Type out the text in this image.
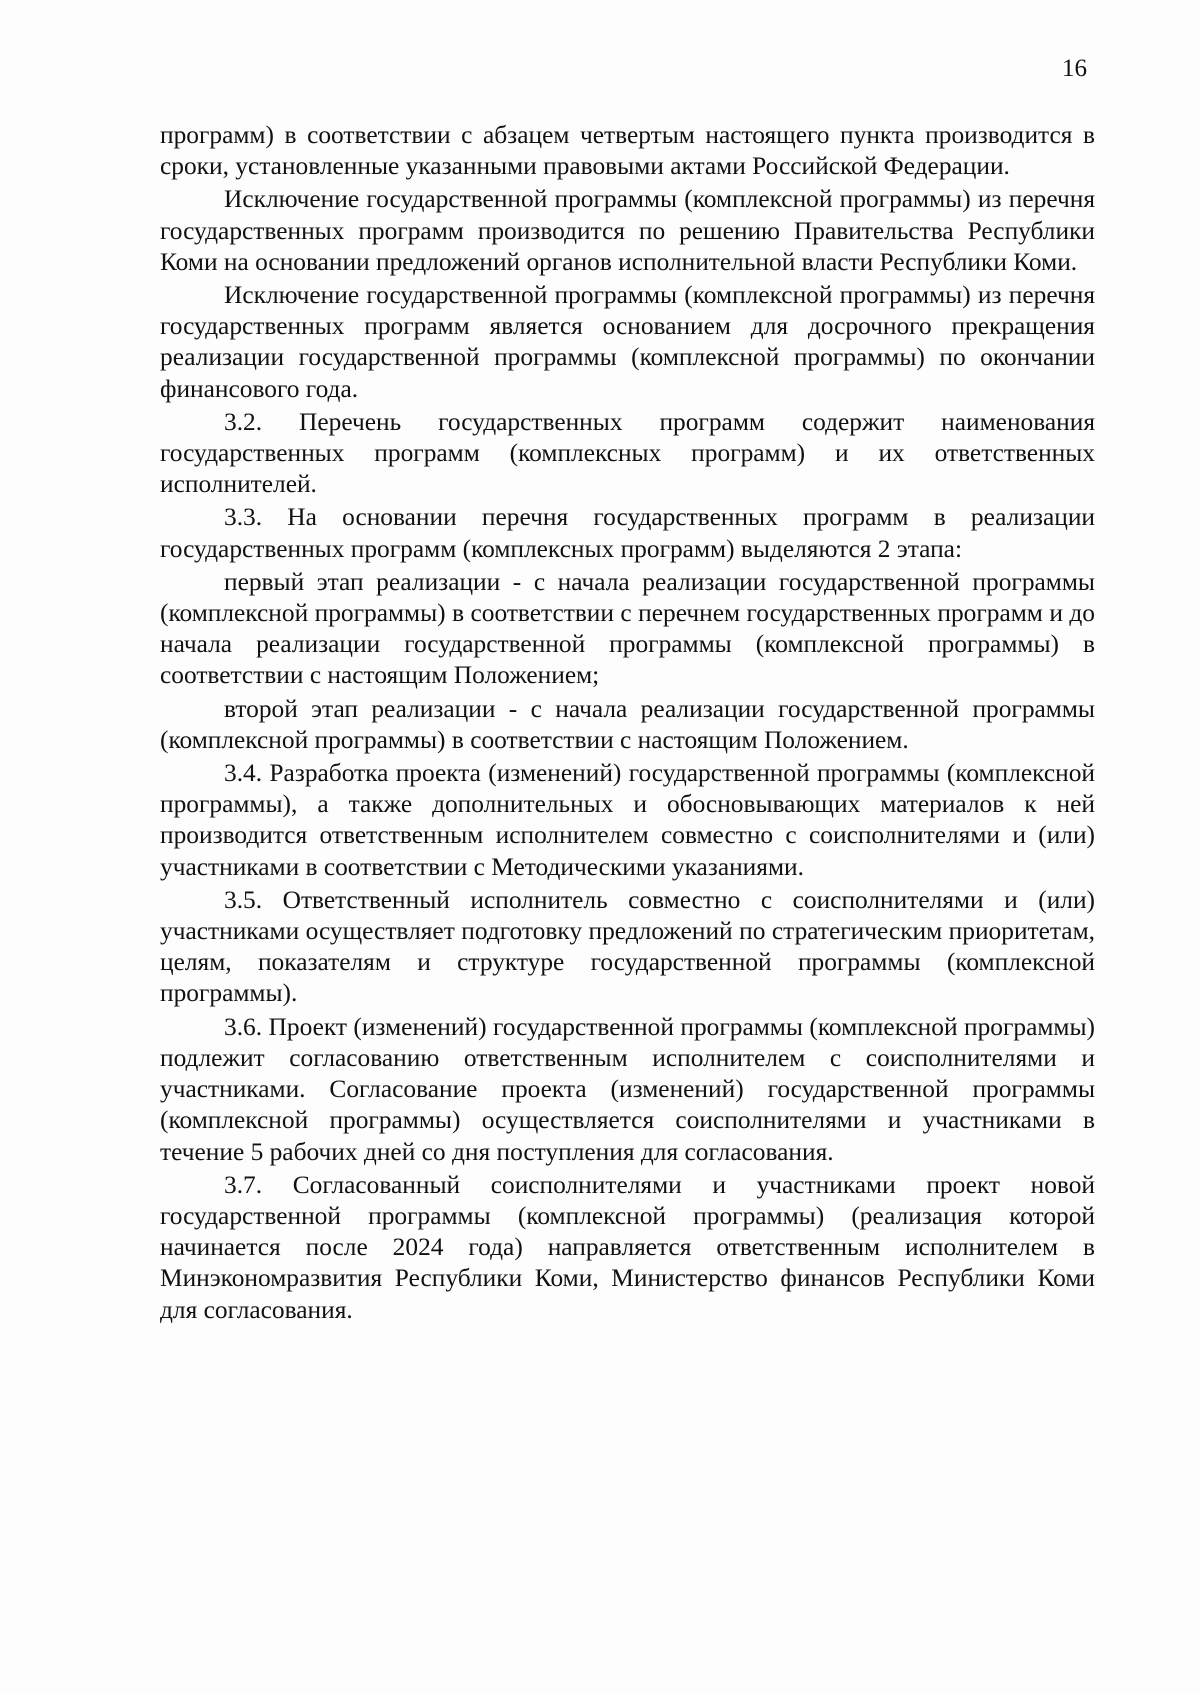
16

программ) в соответствии с абзацем четвертым настоящего пункта производится в сроки, установленные указанными правовыми актами Российской Федерации.

Исключение государственной программы (комплексной программы) из перечня государственных программ производится по решению Правительства Республики Коми на основании предложений органов исполнительной власти Республики Коми.

Исключение государственной программы (комплексной программы) из перечня государственных программ является основанием для досрочного прекращения реализации государственной программы (комплексной программы) по окончании финансового года.

3.2. Перечень государственных программ содержит наименования государственных программ (комплексных программ) и их ответственных исполнителей.

3.3. На основании перечня государственных программ в реализации государственных программ (комплексных программ) выделяются 2 этапа:

первый этап реализации - с начала реализации государственной программы (комплексной программы) в соответствии с перечнем государственных программ и до начала реализации государственной программы (комплексной программы) в соответствии с настоящим Положением;

второй этап реализации - с начала реализации государственной программы (комплексной программы) в соответствии с настоящим Положением.

3.4. Разработка проекта (изменений) государственной программы (комплексной программы), а также дополнительных и обосновывающих материалов к ней производится ответственным исполнителем совместно с соисполнителями и (или) участниками в соответствии с Методическими указаниями.

3.5. Ответственный исполнитель совместно с соисполнителями и (или) участниками осуществляет подготовку предложений по стратегическим приоритетам, целям, показателям и структуре государственной программы (комплексной программы).

3.6. Проект (изменений) государственной программы (комплексной программы) подлежит согласованию ответственным исполнителем с соисполнителями и участниками. Согласование проекта (изменений) государственной программы (комплексной программы) осуществляется соисполнителями и участниками в течение 5 рабочих дней со дня поступления для согласования.

3.7. Согласованный соисполнителями и участниками проект новой государственной программы (комплексной программы) (реализация которой начинается после 2024 года) направляется ответственным исполнителем в Минэкономразвития Республики Коми, Министерство финансов Республики Коми для согласования.
